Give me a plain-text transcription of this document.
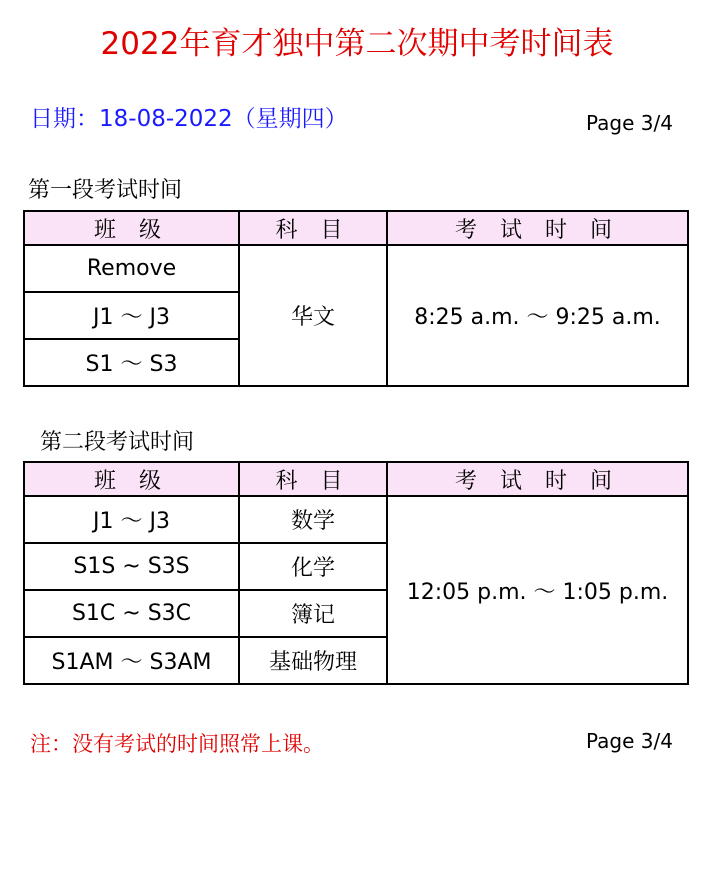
2022年育才独中第二次期中考时间表
日期：18-08-2022（星期四）	Page 3/4
第一段考试时间
班 级	科 目	考 试 时 间
Remove	华文	8:25 a.m. ～ 9:25 a.m.
J1 ～ J3		
S1 ～ S3		
第二段考试时间
班 级	科 目	考 试 时 间
J1 ～ J3	数学	12:05 p.m. ～ 1:05 p.m.
S1S ~ S3S	化学	
S1C ~ S3C	簿记	
S1AM ～ S3AM	基础物理	
注：没有考试的时间照常上课。	Page 3/4
